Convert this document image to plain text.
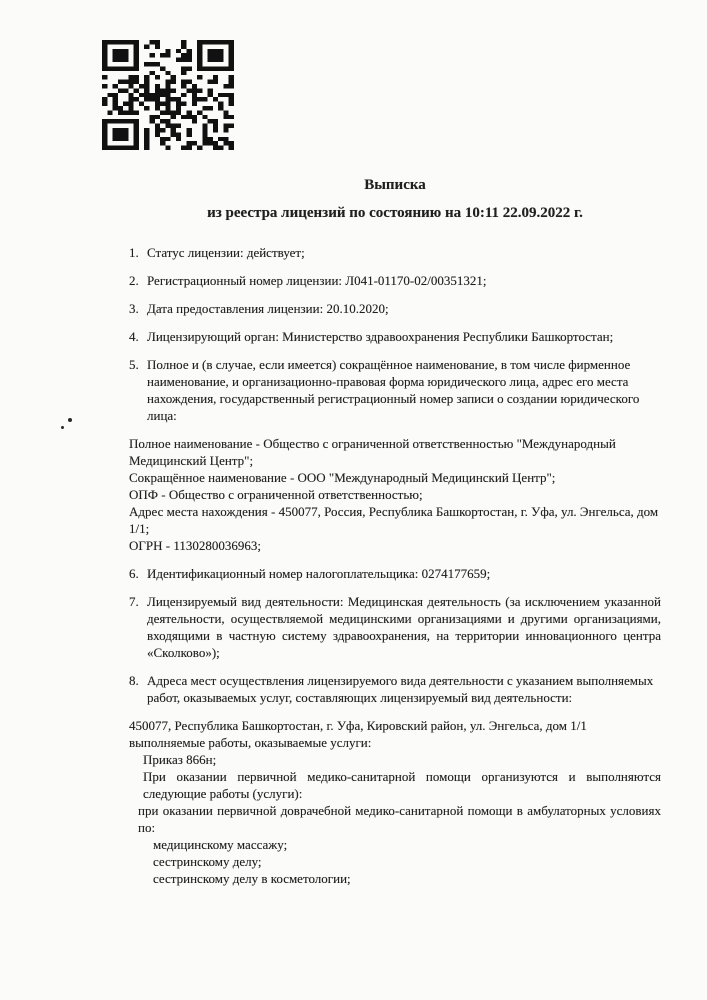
Выписка
из реестра лицензий по состоянию на 10:11 22.09.2022 г.
1. Статус лицензии: действует;
2. Регистрационный номер лицензии: Л041-01170-02/00351321;
3. Дата предоставления лицензии: 20.10.2020;
4. Лицензирующий орган: Министерство здравоохранения Республики Башкортостан;
5. Полное и (в случае, если имеется) сокращённое наименование, в том числе фирменное наименование, и организационно-правовая форма юридического лица, адрес его места нахождения, государственный регистрационный номер записи о создании юридического лица:
Полное наименование - Общество с ограниченной ответственностью "Международный Медицинский Центр";
Сокращённое наименование - ООО "Международный Медицинский Центр";
ОПФ - Общество с ограниченной ответственностью;
Адрес места нахождения - 450077, Россия, Республика Башкортостан, г. Уфа, ул. Энгельса, дом 1/1;
ОГРН - 1130280036963;
6. Идентификационный номер налогоплательщика: 0274177659;
7. Лицензируемый вид деятельности: Медицинская деятельность (за исключением указанной деятельности, осуществляемой медицинскими организациями и другими организациями, входящими в частную систему здравоохранения, на территории инновационного центра «Сколково»);
8. Адреса мест осуществления лицензируемого вида деятельности с указанием выполняемых работ, оказываемых услуг, составляющих лицензируемый вид деятельности:
450077, Республика Башкортостан, г. Уфа, Кировский район, ул. Энгельса, дом 1/1
выполняемые работы, оказываемые услуги:
Приказ 866н;
При оказании первичной медико-санитарной помощи организуются и выполняются следующие работы (услуги):
при оказании первичной доврачебной медико-санитарной помощи в амбулаторных условиях по:
медицинскому массажу;
сестринскому делу;
сестринскому делу в косметологии;
